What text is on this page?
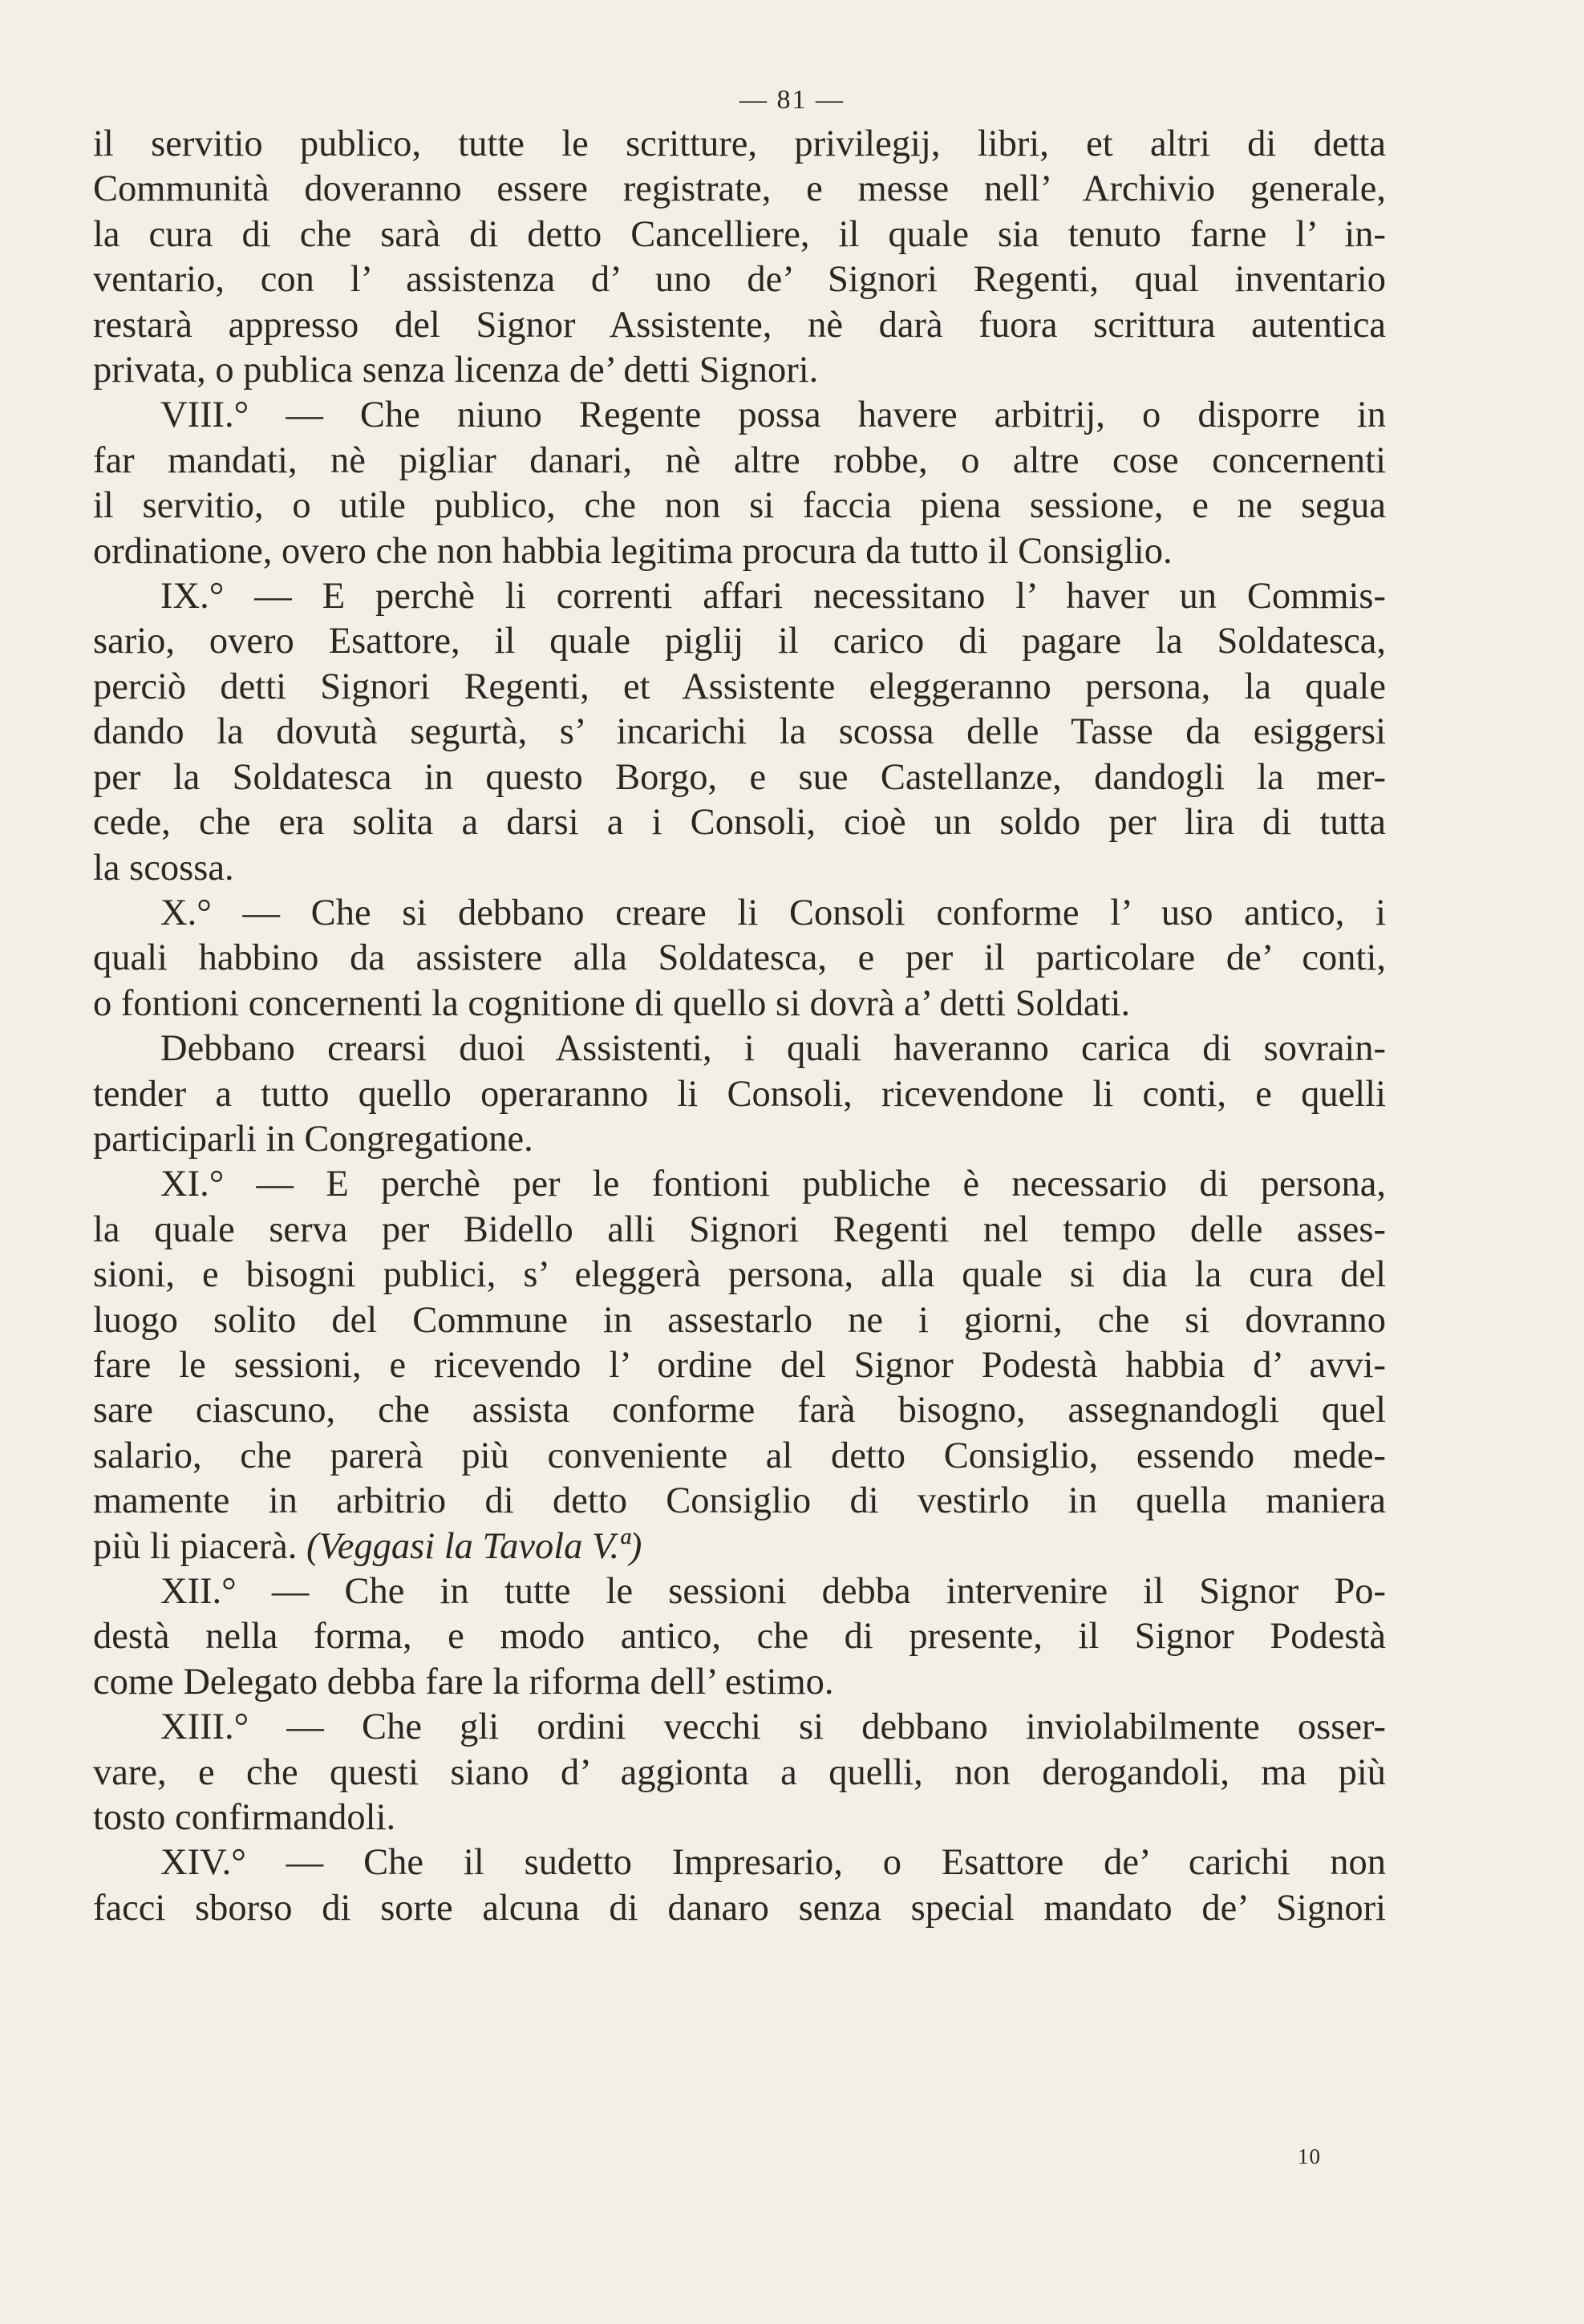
— 81 —
il servitio publico, tutte le scritture, privilegij, libri, et altri di detta
Communità doveranno essere registrate, e messe nell’ Archivio generale,
la cura di che sarà di detto Cancelliere, il quale sia tenuto farne l’ in-
ventario, con l’ assistenza d’ uno de’ Signori Regenti, qual inventario
restarà appresso del Signor Assistente, nè darà fuora scrittura autentica
privata, o publica senza licenza de’ detti Signori.
VIII.° — Che niuno Regente possa havere arbitrij, o disporre in
far mandati, nè pigliar danari, nè altre robbe, o altre cose concernenti
il servitio, o utile publico, che non si faccia piena sessione, e ne segua
ordinatione, overo che non habbia legitima procura da tutto il Consiglio.
IX.° — E perchè li correnti affari necessitano l’ haver un Commis-
sario, overo Esattore, il quale piglij il carico di pagare la Soldatesca,
perciò detti Signori Regenti, et Assistente eleggeranno persona, la quale
dando la dovutà segurtà, s’ incarichi la scossa delle Tasse da esiggersi
per la Soldatesca in questo Borgo, e sue Castellanze, dandogli la mer-
cede, che era solita a darsi a i Consoli, cioè un soldo per lira di tutta
la scossa.
X.° — Che si debbano creare li Consoli conforme l’ uso antico, i
quali habbino da assistere alla Soldatesca, e per il particolare de’ conti,
o fontioni concernenti la cognitione di quello si dovrà a’ detti Soldati.
Debbano crearsi duoi Assistenti, i quali haveranno carica di sovrain-
tender a tutto quello operaranno li Consoli, ricevendone li conti, e quelli
participarli in Congregatione.
XI.° — E perchè per le fontioni publiche è necessario di persona,
la quale serva per Bidello alli Signori Regenti nel tempo delle asses-
sioni, e bisogni publici, s’ eleggerà persona, alla quale si dia la cura del
luogo solito del Commune in assestarlo ne i giorni, che si dovranno
fare le sessioni, e ricevendo l’ ordine del Signor Podestà habbia d’ avvi-
sare ciascuno, che assista conforme farà bisogno, assegnandogli quel
salario, che parerà più conveniente al detto Consiglio, essendo mede-
mamente in arbitrio di detto Consiglio di vestirlo in quella maniera
più li piacerà. (Veggasi la Tavola V.ª)
XII.° — Che in tutte le sessioni debba intervenire il Signor Po-
destà nella forma, e modo antico, che di presente, il Signor Podestà
come Delegato debba fare la riforma dell’ estimo.
XIII.° — Che gli ordini vecchi si debbano inviolabilmente osser-
vare, e che questi siano d’ aggionta a quelli, non derogandoli, ma più
tosto confirmandoli.
XIV.° — Che il sudetto Impresario, o Esattore de’ carichi non
facci sborso di sorte alcuna di danaro senza special mandato de’ Signori
10
